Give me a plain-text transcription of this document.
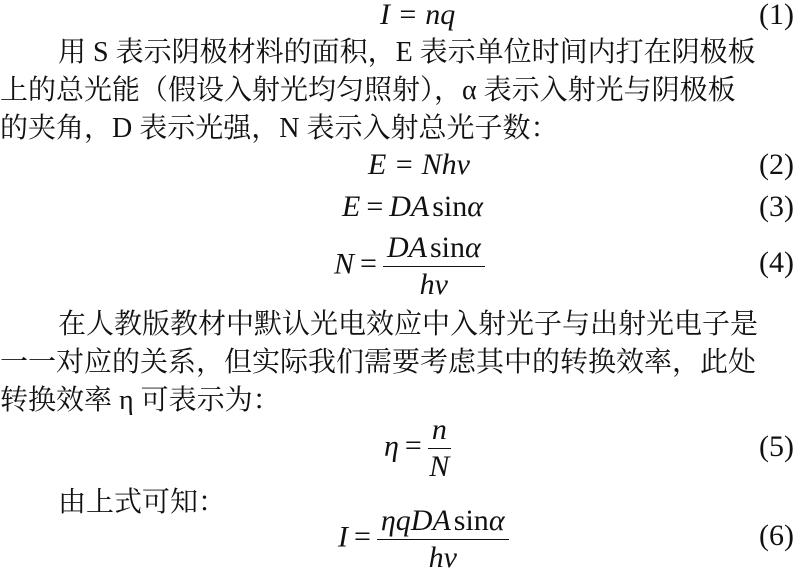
I = nq	(1)
用 S 表示阴极材料的面积，E 表示单位时间内打在阴极板
上的总光能（假设入射光均匀照射），α 表示入射光与阴极板
的夹角，D 表示光强，N 表示入射总光子数：
E = Nhν	(2)
E = DA sinα	(3)
$N = \frac{\text{DA sinα}}{h\nu}$	(4)
在人教版教材中默认光电效应中入射光子与出射光电子是
一一对应的关系，但实际我们需要考虑其中的转换效率，此处
转换效率 η 可表示为：
$\eta = \frac{n}{N}$	(5)
由上式可知：
$I = \frac{\text{ηqDA sinα}}{h\nu}$	(6)
